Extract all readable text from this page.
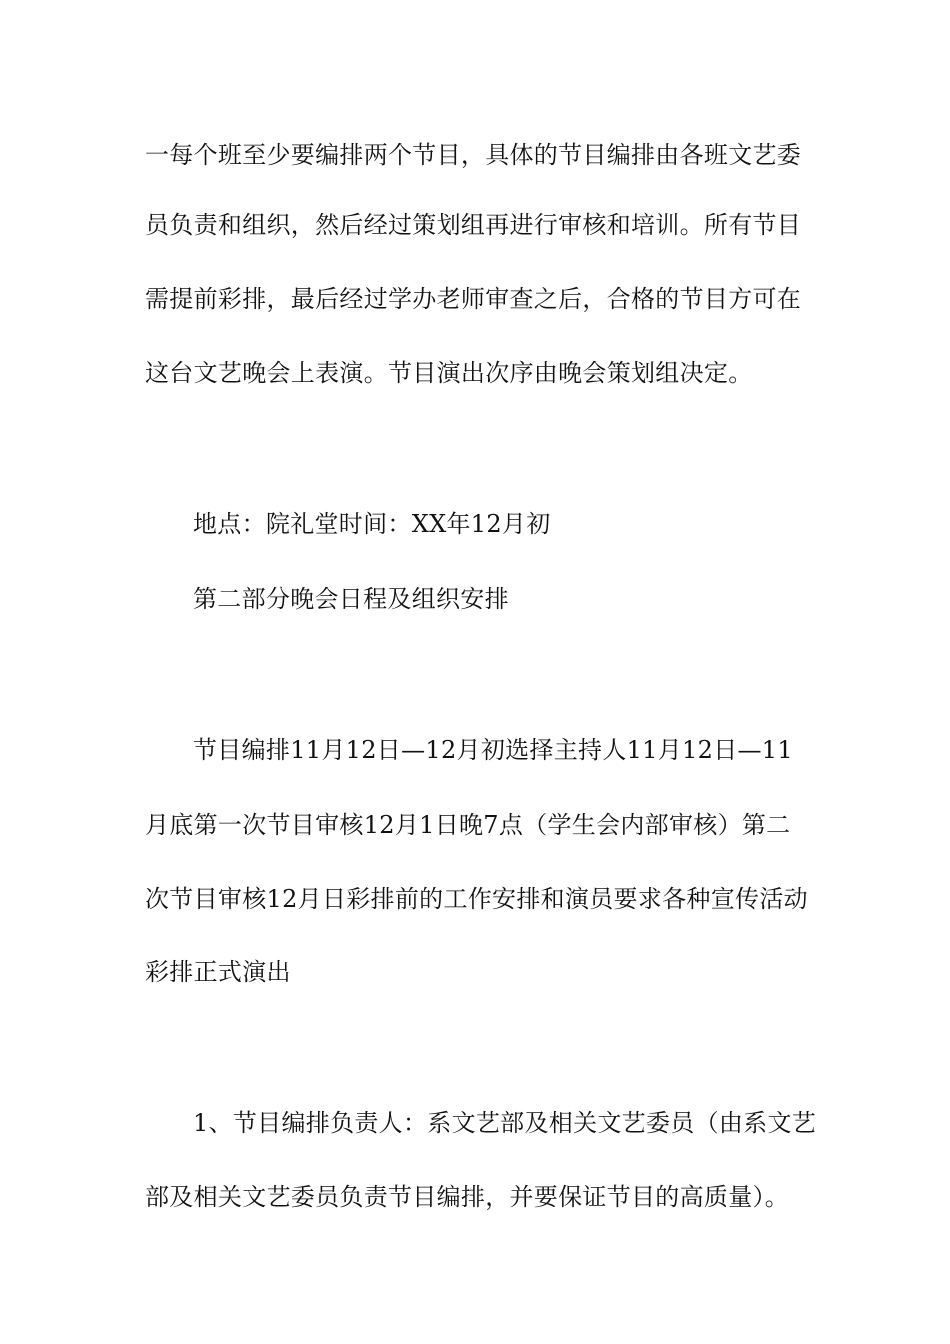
一每个班至少要编排两个节目，具体的节目编排由各班文艺委
员负责和组织，然后经过策划组再进行审核和培训。所有节目
需提前彩排，最后经过学办老师审查之后，合格的节目方可在
这台文艺晚会上表演。节目演出次序由晚会策划组决定。
地点：院礼堂时间：XX年12月初
第二部分晚会日程及组织安排
节目编排11月12日—12月初选择主持人11月12日—11
月底第一次节目审核12月1日晚7点（学生会内部审核）第二
次节目审核12月日彩排前的工作安排和演员要求各种宣传活动
彩排正式演出
1、节目编排负责人：系文艺部及相关文艺委员（由系文艺
部及相关文艺委员负责节目编排，并要保证节目的高质量）。
